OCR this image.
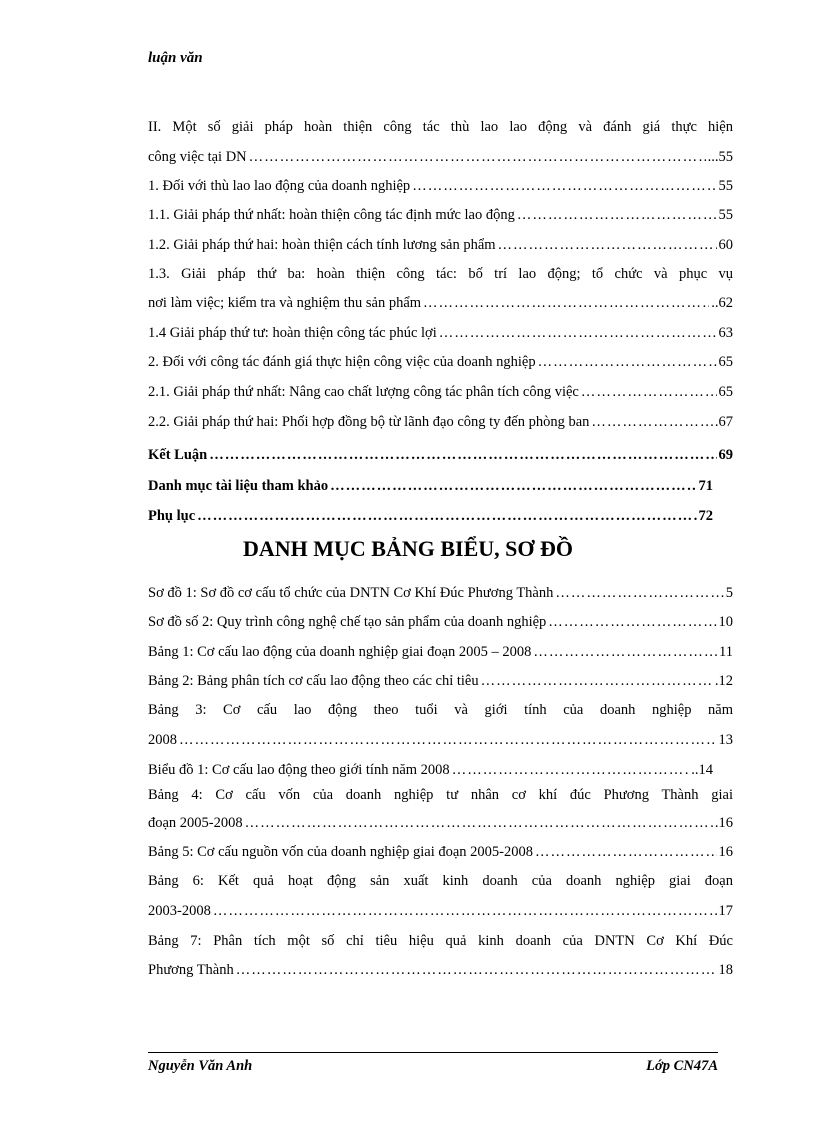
luận văn
II. Một số giải pháp hoàn thiện công tác thù lao lao động và đánh giá thực hiện
công việc tại DN ……………………………………………………………………………………………………………………………………	...55
1. Đối với thù lao lao động của doanh nghiệp ……………………………………………………………………………………………………………………………………	55
1.1. Giải pháp thứ nhất: hoàn thiện công tác định mức lao động ……………………………………………………………………………………………………………………………………	55
1.2. Giải pháp thứ hai: hoàn thiện cách tính lương sản phẩm ……………………………………………………………………………………………………………………………………	60
1.3. Giải pháp thứ ba: hoàn thiện công tác: bố trí lao động; tổ chức và phục vụ
nơi làm việc; kiểm tra và nghiệm thu sản phẩm ……………………………………………………………………………………………………………………………………	..62
1.4 Giải pháp thứ tư: hoàn thiện công tác phúc lợi ……………………………………………………………………………………………………………………………………	63
2. Đối với công tác đánh giá thực hiện công việc của doanh nghiệp ……………………………………………………………………………………………………………………………………	65
2.1. Giải pháp thứ nhất: Nâng cao chất lượng công tác phân tích công việc ……………………………………………………………………………………………………………………………………	65
2.2. Giải pháp thứ hai: Phối hợp đồng bộ từ lãnh đạo công ty đến phòng ban ……………………………………………………………………………………………………………………………………	.67
Kết Luận ……………………………………………………………………………………………………………………………………	69
Danh mục tài liệu tham khảo ……………………………………………………………………………………………………………………………………	71
Phụ lục ……………………………………………………………………………………………………………………………………	72
DANH MỤC BẢNG BIỂU, SƠ ĐỒ
Sơ đồ 1: Sơ đồ cơ cấu tổ chức của DNTN Cơ Khí Đúc Phương Thành ……………………………………………………………………………………………………………………………………	5
Sơ đồ số 2: Quy trình công nghệ chế tạo sản phẩm của doanh nghiệp ……………………………………………………………………………………………………………………………………	10
Bảng 1: Cơ cấu lao động của doanh nghiệp giai đoạn 2005 – 2008 ……………………………………………………………………………………………………………………………………	11
Bảng 2: Bảng phân tích cơ cấu lao động theo các chỉ tiêu ……………………………………………………………………………………………………………………………………	.12
Bảng 3: Cơ cấu lao động theo tuổi và giới tính của doanh nghiệp năm
2008 ……………………………………………………………………………………………………………………………………	13
Biểu đồ 1: Cơ cấu lao động theo giới tính năm 2008 ……………………………………………………………………………………………………………………………………	..14
Bảng 4: Cơ cấu vốn của doanh nghiệp tư nhân cơ khí đúc Phương Thành giai
đoạn 2005-2008 ……………………………………………………………………………………………………………………………………	.16
Bảng 5: Cơ cấu nguồn vốn của doanh nghiệp giai đoạn 2005-2008 ……………………………………………………………………………………………………………………………………	16
Bảng 6: Kết quả hoạt động sản xuất kinh doanh của doanh nghiệp giai đoạn
2003-2008 ……………………………………………………………………………………………………………………………………	17
Bảng 7: Phân tích một số chỉ tiêu hiệu quả kinh doanh của DNTN Cơ Khí Đúc
Phương Thành ……………………………………………………………………………………………………………………………………	18
Nguyễn Văn Anh	Lớp CN47A
